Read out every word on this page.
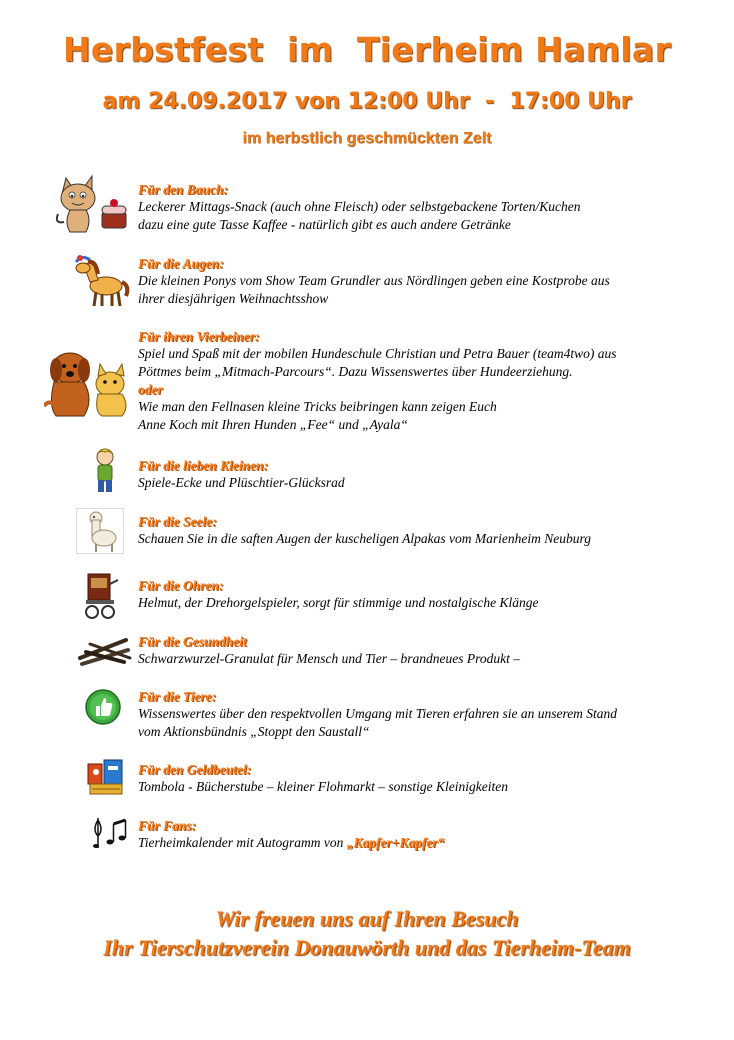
Herbstfest  im  Tierheim Hamlar
am 24.09.2017 von 12:00 Uhr  -  17:00 Uhr
im herbstlich geschmückten Zelt
Für den Bauch:
Leckerer Mittags-Snack (auch ohne Fleisch) oder selbstgebackene Torten/Kuchen
dazu eine gute Tasse Kaffee - natürlich gibt es auch andere Getränke
Für die Augen:
Die kleinen Ponys vom Show Team Grundler aus Nördlingen geben eine Kostprobe aus
ihrer diesjährigen Weihnachtsshow
Für ihren Vierbeiner:
Spiel und Spaß mit der mobilen Hundeschule Christian und Petra Bauer (team4two) aus
Pöttmes beim „Mitmach-Parcours“. Dazu Wissenswertes über Hundeerziehung.
oder
Wie man den Fellnasen kleine Tricks beibringen kann zeigen Euch
Anne Koch mit Ihren Hunden „Fee“ und „Ayala“
Für die lieben Kleinen:
Spiele-Ecke und Plüschtier-Glücksrad
Für die Seele:
Schauen Sie in die saften Augen der kuscheligen Alpakas vom Marienheim Neuburg
Für die Ohren:
Helmut, der Drehorgelspieler, sorgt für stimmige und nostalgische Klänge
Für die Gesundheit
Schwarzwurzel-Granulat für Mensch und Tier – brandneues Produkt –
Für die Tiere:
Wissenswertes über den respektvollen Umgang mit Tieren erfahren sie an unserem Stand
vom Aktionsbündnis „Stoppt den Saustall“
Für den Geldbeutel:
Tombola - Bücherstube – kleiner Flohmarkt – sonstige Kleinigkeiten
Für Fans:
Tierheimkalender mit Autogramm von „Kapfer+Kapfer“
Wir freuen uns auf Ihren Besuch
Ihr Tierschutzverein Donauwörth und das Tierheim-Team
